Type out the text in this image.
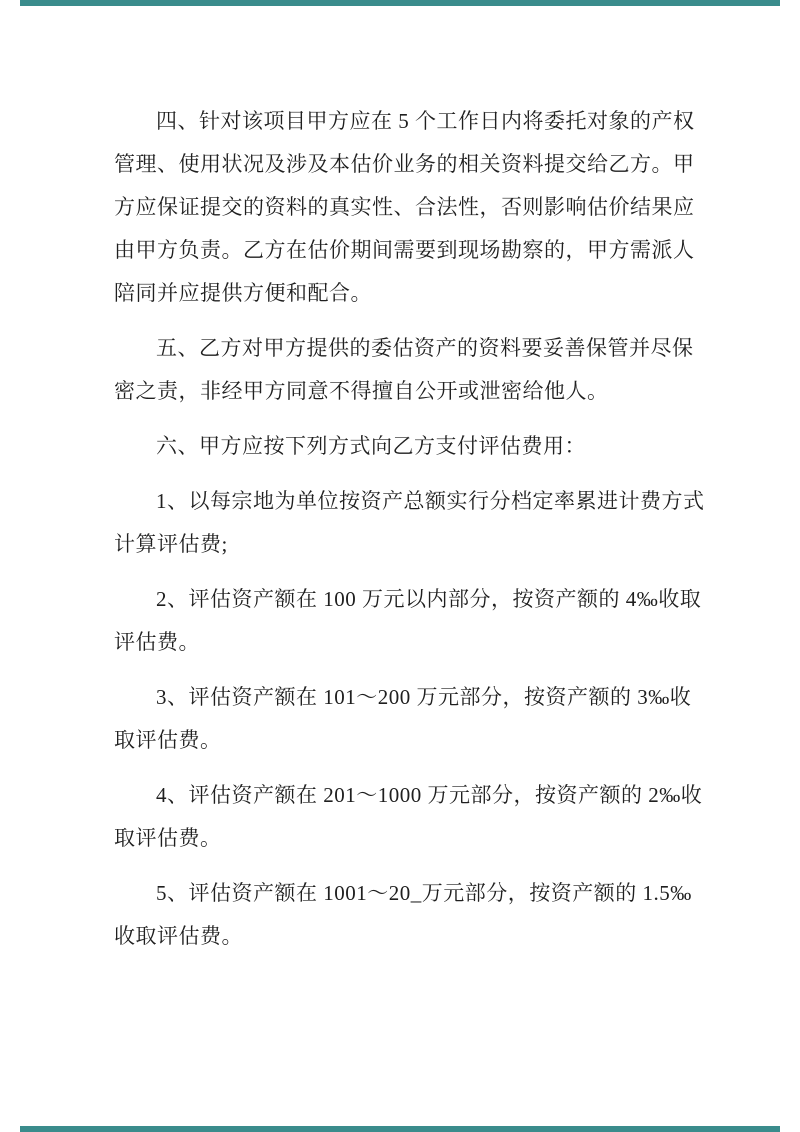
四、针对该项目甲方应在 5 个工作日内将委托对象的产权
管理、使用状况及涉及本估价业务的相关资料提交给乙方。甲
方应保证提交的资料的真实性、合法性，否则影响估价结果应
由甲方负责。乙方在估价期间需要到现场勘察的，甲方需派人
陪同并应提供方便和配合。
五、乙方对甲方提供的委估资产的资料要妥善保管并尽保
密之责，非经甲方同意不得擅自公开或泄密给他人。
六、甲方应按下列方式向乙方支付评估费用：
1、以每宗地为单位按资产总额实行分档定率累进计费方式
计算评估费;
2、评估资产额在 100 万元以内部分，按资产额的 4‰收取
评估费。
3、评估资产额在 101～200 万元部分，按资产额的 3‰收
取评估费。
4、评估资产额在 201～1000 万元部分，按资产额的 2‰收
取评估费。
5、评估资产额在 1001～20_万元部分，按资产额的 1.5‰
收取评估费。
